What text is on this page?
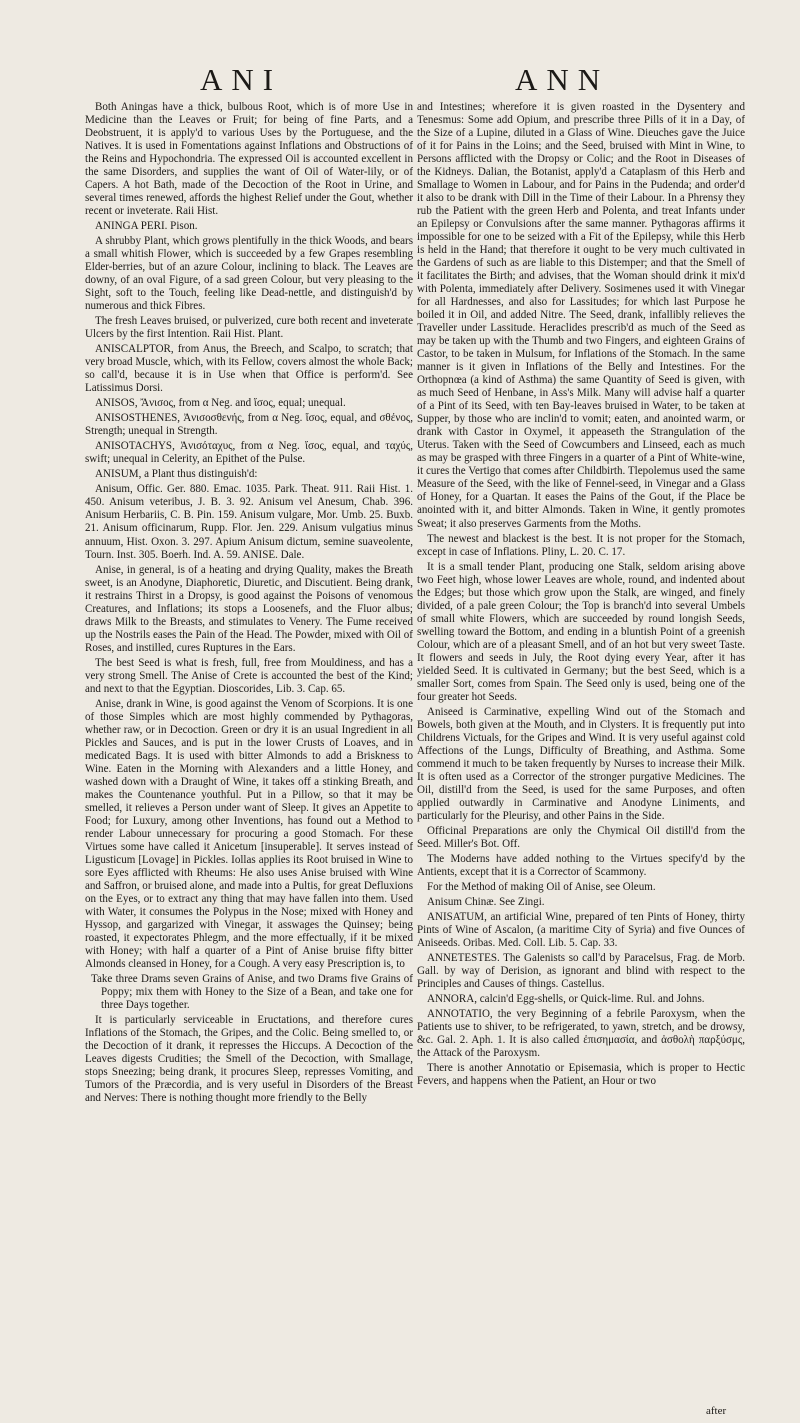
ANI	ANN

Both Aningas have a thick, bulbous Root, which is of more Use in Medicine than the Leaves or Fruit; for being of fine Parts, and a Deobstruent, it is apply'd to various Uses by the Portuguese, and the Natives. It is used in Fomentations against Inflations and Obstructions of the Reins and Hypochondria. The expressed Oil is accounted excellent in the same Disorders, and supplies the want of Oil of Water-lily, or of Capers. A hot Bath, made of the Decoction of the Root in Urine, and several times renewed, affords the highest Relief under the Gout, whether recent or inveterate. Raii Hist.

ANINGA PERI. Pison.

A shrubby Plant, which grows plentifully in the thick Woods, and bears a small whitish Flower, which is succeeded by a few Grapes resembling Elder-berries, but of an azure Colour, inclining to black. The Leaves are downy, of an oval Figure, of a sad green Colour, but very pleasing to the Sight, soft to the Touch, feeling like Dead-nettle, and distinguish'd by numerous and thick Fibres.

The fresh Leaves bruised, or pulverized, cure both recent and inveterate Ulcers by the first Intention. Raii Hist. Plant.

ANISCALPTOR, from Anus, the Breech, and Scalpo, to scratch; that very broad Muscle, which, with its Fellow, covers almost the whole Back; so call'd, because it is in Use when that Office is perform'd. See Latissimus Dorsi.

ANISOS, Ἄνισος, from α Neg. and ἴσος, equal; unequal.

ANISOSTHENES, Ἀνισοσθενής, from α Neg. ἴσος, equal, and σθένος, Strength; unequal in Strength.

ANISOTACHYS, Ἀνισόταχυς, from α Neg. ἴσος, equal, and ταχύς, swift; unequal in Celerity, an Epithet of the Pulse.

ANISUM, a Plant thus distinguish'd:

Anisum, Offic. Ger. 880. Emac. 1035. Park. Theat. 911. Raii Hist. 1. 450. Anisum veteribus, J. B. 3. 92. Anisum vel Anesum, Chab. 396. Anisum Herbariis, C. B. Pin. 159. Anisum vulgare, Mor. Umb. 25. Buxb. 21. Anisum officinarum, Rupp. Flor. Jen. 229. Anisum vulgatius minus annuum, Hist. Oxon. 3. 297. Apium Anisum dictum, semine suaveolente, Tourn. Inst. 305. Boerh. Ind. A. 59. ANISE. Dale.

Anise, in general, is of a heating and drying Quality, makes the Breath sweet, is an Anodyne, Diaphoretic, Diuretic, and Discutient. Being drank, it restrains Thirst in a Dropsy, is good against the Poisons of venomous Creatures, and Inflations; its stops a Loosenefs, and the Fluor albus; draws Milk to the Breasts, and stimulates to Venery. The Fume received up the Nostrils eases the Pain of the Head. The Powder, mixed with Oil of Roses, and instilled, cures Ruptures in the Ears.

The best Seed is what is fresh, full, free from Mouldiness, and has a very strong Smell. The Anise of Crete is accounted the best of the Kind; and next to that the Egyptian. Dioscorides, Lib. 3. Cap. 65.

Anise, drank in Wine, is good against the Venom of Scorpions. It is one of those Simples which are most highly commended by Pythagoras, whether raw, or in Decoction. Green or dry it is an usual Ingredient in all Pickles and Sauces, and is put in the lower Crusts of Loaves, and in medicated Bags. It is used with bitter Almonds to add a Briskness to Wine. Eaten in the Morning with Alexanders and a little Honey, and washed down with a Draught of Wine, it takes off a stinking Breath, and makes the Countenance youthful. Put in a Pillow, so that it may be smelled, it relieves a Person under want of Sleep. It gives an Appetite to Food; for Luxury, among other Inventions, has found out a Method to render Labour unnecessary for procuring a good Stomach. For these Virtues some have called it Anicetum [insuperable]. It serves instead of Ligusticum [Lovage] in Pickles. Iollas applies its Root bruised in Wine to sore Eyes afflicted with Rheums: He also uses Anise bruised with Wine and Saffron, or bruised alone, and made into a Pultis, for great Defluxions on the Eyes, or to extract any thing that may have fallen into them. Used with Water, it consumes the Polypus in the Nose; mixed with Honey and Hyssop, and gargarized with Vinegar, it asswages the Quinsey; being roasted, it expectorates Phlegm, and the more effectually, if it be mixed with Honey; with half a quarter of a Pint of Anise bruise fifty bitter Almonds cleansed in Honey, for a Cough. A very easy Prescription is, to

Take three Drams seven Grains of Anise, and two Drams five Grains of Poppy; mix them with Honey to the Size of a Bean, and take one for three Days together.

It is particularly serviceable in Eructations, and therefore cures Inflations of the Stomach, the Gripes, and the Colic. Being smelled to, or the Decoction of it drank, it represses the Hiccups. A Decoction of the Leaves digests Crudities; the Smell of the Decoction, with Smallage, stops Sneezing; being drank, it procures Sleep, represses Vomiting, and Tumors of the Præcordia, and is very useful in Disorders of the Breast and Nerves: There is nothing thought more friendly to the Belly

and Intestines; wherefore it is given roasted in the Dysentery and Tenesmus: Some add Opium, and prescribe three Pills of it in a Day, of the Size of a Lupine, diluted in a Glass of Wine. Dieuches gave the Juice of it for Pains in the Loins; and the Seed, bruised with Mint in Wine, to Persons afflicted with the Dropsy or Colic; and the Root in Diseases of the Kidneys. Dalian, the Botanist, apply'd a Cataplasm of this Herb and Smallage to Women in Labour, and for Pains in the Pudenda; and order'd it also to be drank with Dill in the Time of their Labour. In a Phrensy they rub the Patient with the green Herb and Polenta, and treat Infants under an Epilepsy or Convulsions after the same manner. Pythagoras affirms it impossible for one to be seized with a Fit of the Epilepsy, while this Herb is held in the Hand; that therefore it ought to be very much cultivated in the Gardens of such as are liable to this Distemper; and that the Smell of it facilitates the Birth; and advises, that the Woman should drink it mix'd with Polenta, immediately after Delivery. Sosimenes used it with Vinegar for all Hardnesses, and also for Lassitudes; for which last Purpose he boiled it in Oil, and added Nitre. The Seed, drank, infallibly relieves the Traveller under Lassitude. Heraclides prescrib'd as much of the Seed as may be taken up with the Thumb and two Fingers, and eighteen Grains of Castor, to be taken in Mulsum, for Inflations of the Stomach. In the same manner is it given in Inflations of the Belly and Intestines. For the Orthopnœa (a kind of Asthma) the same Quantity of Seed is given, with as much Seed of Henbane, in Ass's Milk. Many will advise half a quarter of a Pint of its Seed, with ten Bay-leaves bruised in Water, to be taken at Supper, by those who are inclin'd to vomit; eaten, and anointed warm, or drank with Castor in Oxymel, it appeaseth the Strangulation of the Uterus. Taken with the Seed of Cowcumbers and Linseed, each as much as may be grasped with three Fingers in a quarter of a Pint of White-wine, it cures the Vertigo that comes after Childbirth. Tlepolemus used the same Measure of the Seed, with the like of Fennel-seed, in Vinegar and a Glass of Honey, for a Quartan. It eases the Pains of the Gout, if the Place be anointed with it, and bitter Almonds. Taken in Wine, it gently promotes Sweat; it also preserves Garments from the Moths.

The newest and blackest is the best. It is not proper for the Stomach, except in case of Inflations. Pliny, L. 20. C. 17.

It is a small tender Plant, producing one Stalk, seldom arising above two Feet high, whose lower Leaves are whole, round, and indented about the Edges; but those which grow upon the Stalk, are winged, and finely divided, of a pale green Colour; the Top is branch'd into several Umbels of small white Flowers, which are succeeded by round longish Seeds, swelling toward the Bottom, and ending in a bluntish Point of a greenish Colour, which are of a pleasant Smell, and of an hot but very sweet Taste. It flowers and seeds in July, the Root dying every Year, after it has yielded Seed. It is cultivated in Germany; but the best Seed, which is a smaller Sort, comes from Spain. The Seed only is used, being one of the four greater hot Seeds.

Aniseed is Carminative, expelling Wind out of the Stomach and Bowels, both given at the Mouth, and in Clysters. It is frequently put into Childrens Victuals, for the Gripes and Wind. It is very useful against cold Affections of the Lungs, Difficulty of Breathing, and Asthma. Some commend it much to be taken frequently by Nurses to increase their Milk. It is often used as a Corrector of the stronger purgative Medicines. The Oil, distill'd from the Seed, is used for the same Purposes, and often applied outwardly in Carminative and Anodyne Liniments, and particularly for the Pleurisy, and other Pains in the Side.

Officinal Preparations are only the Chymical Oil distill'd from the Seed. Miller's Bot. Off.

The Moderns have added nothing to the Virtues specify'd by the Antients, except that it is a Corrector of Scammony.

For the Method of making Oil of Anise, see Oleum.

Anisum Chinæ. See Zingi.

ANISATUM, an artificial Wine, prepared of ten Pints of Honey, thirty Pints of Wine of Ascalon, (a maritime City of Syria) and five Ounces of Aniseeds. Oribas. Med. Coll. Lib. 5. Cap. 33.

ANNETESTES. The Galenists so call'd by Paracelsus, Frag. de Morb. Gall. by way of Derision, as ignorant and blind with respect to the Principles and Causes of things. Castellus.

ANNORA, calcin'd Egg-shells, or Quick-lime. Rul. and Johns.

ANNOTATIO, the very Beginning of a febrile Paroxysm, when the Patients use to shiver, to be refrigerated, to yawn, stretch, and be drowsy, &c. Gal. 2. Aph. 1. It is also called ἐπισημασία, and ἀσθολὴ παρξύσμς, the Attack of the Paroxysm.

There is another Annotatio or Episemasia, which is proper to Hectic Fevers, and happens when the Patient, an Hour or two

after
